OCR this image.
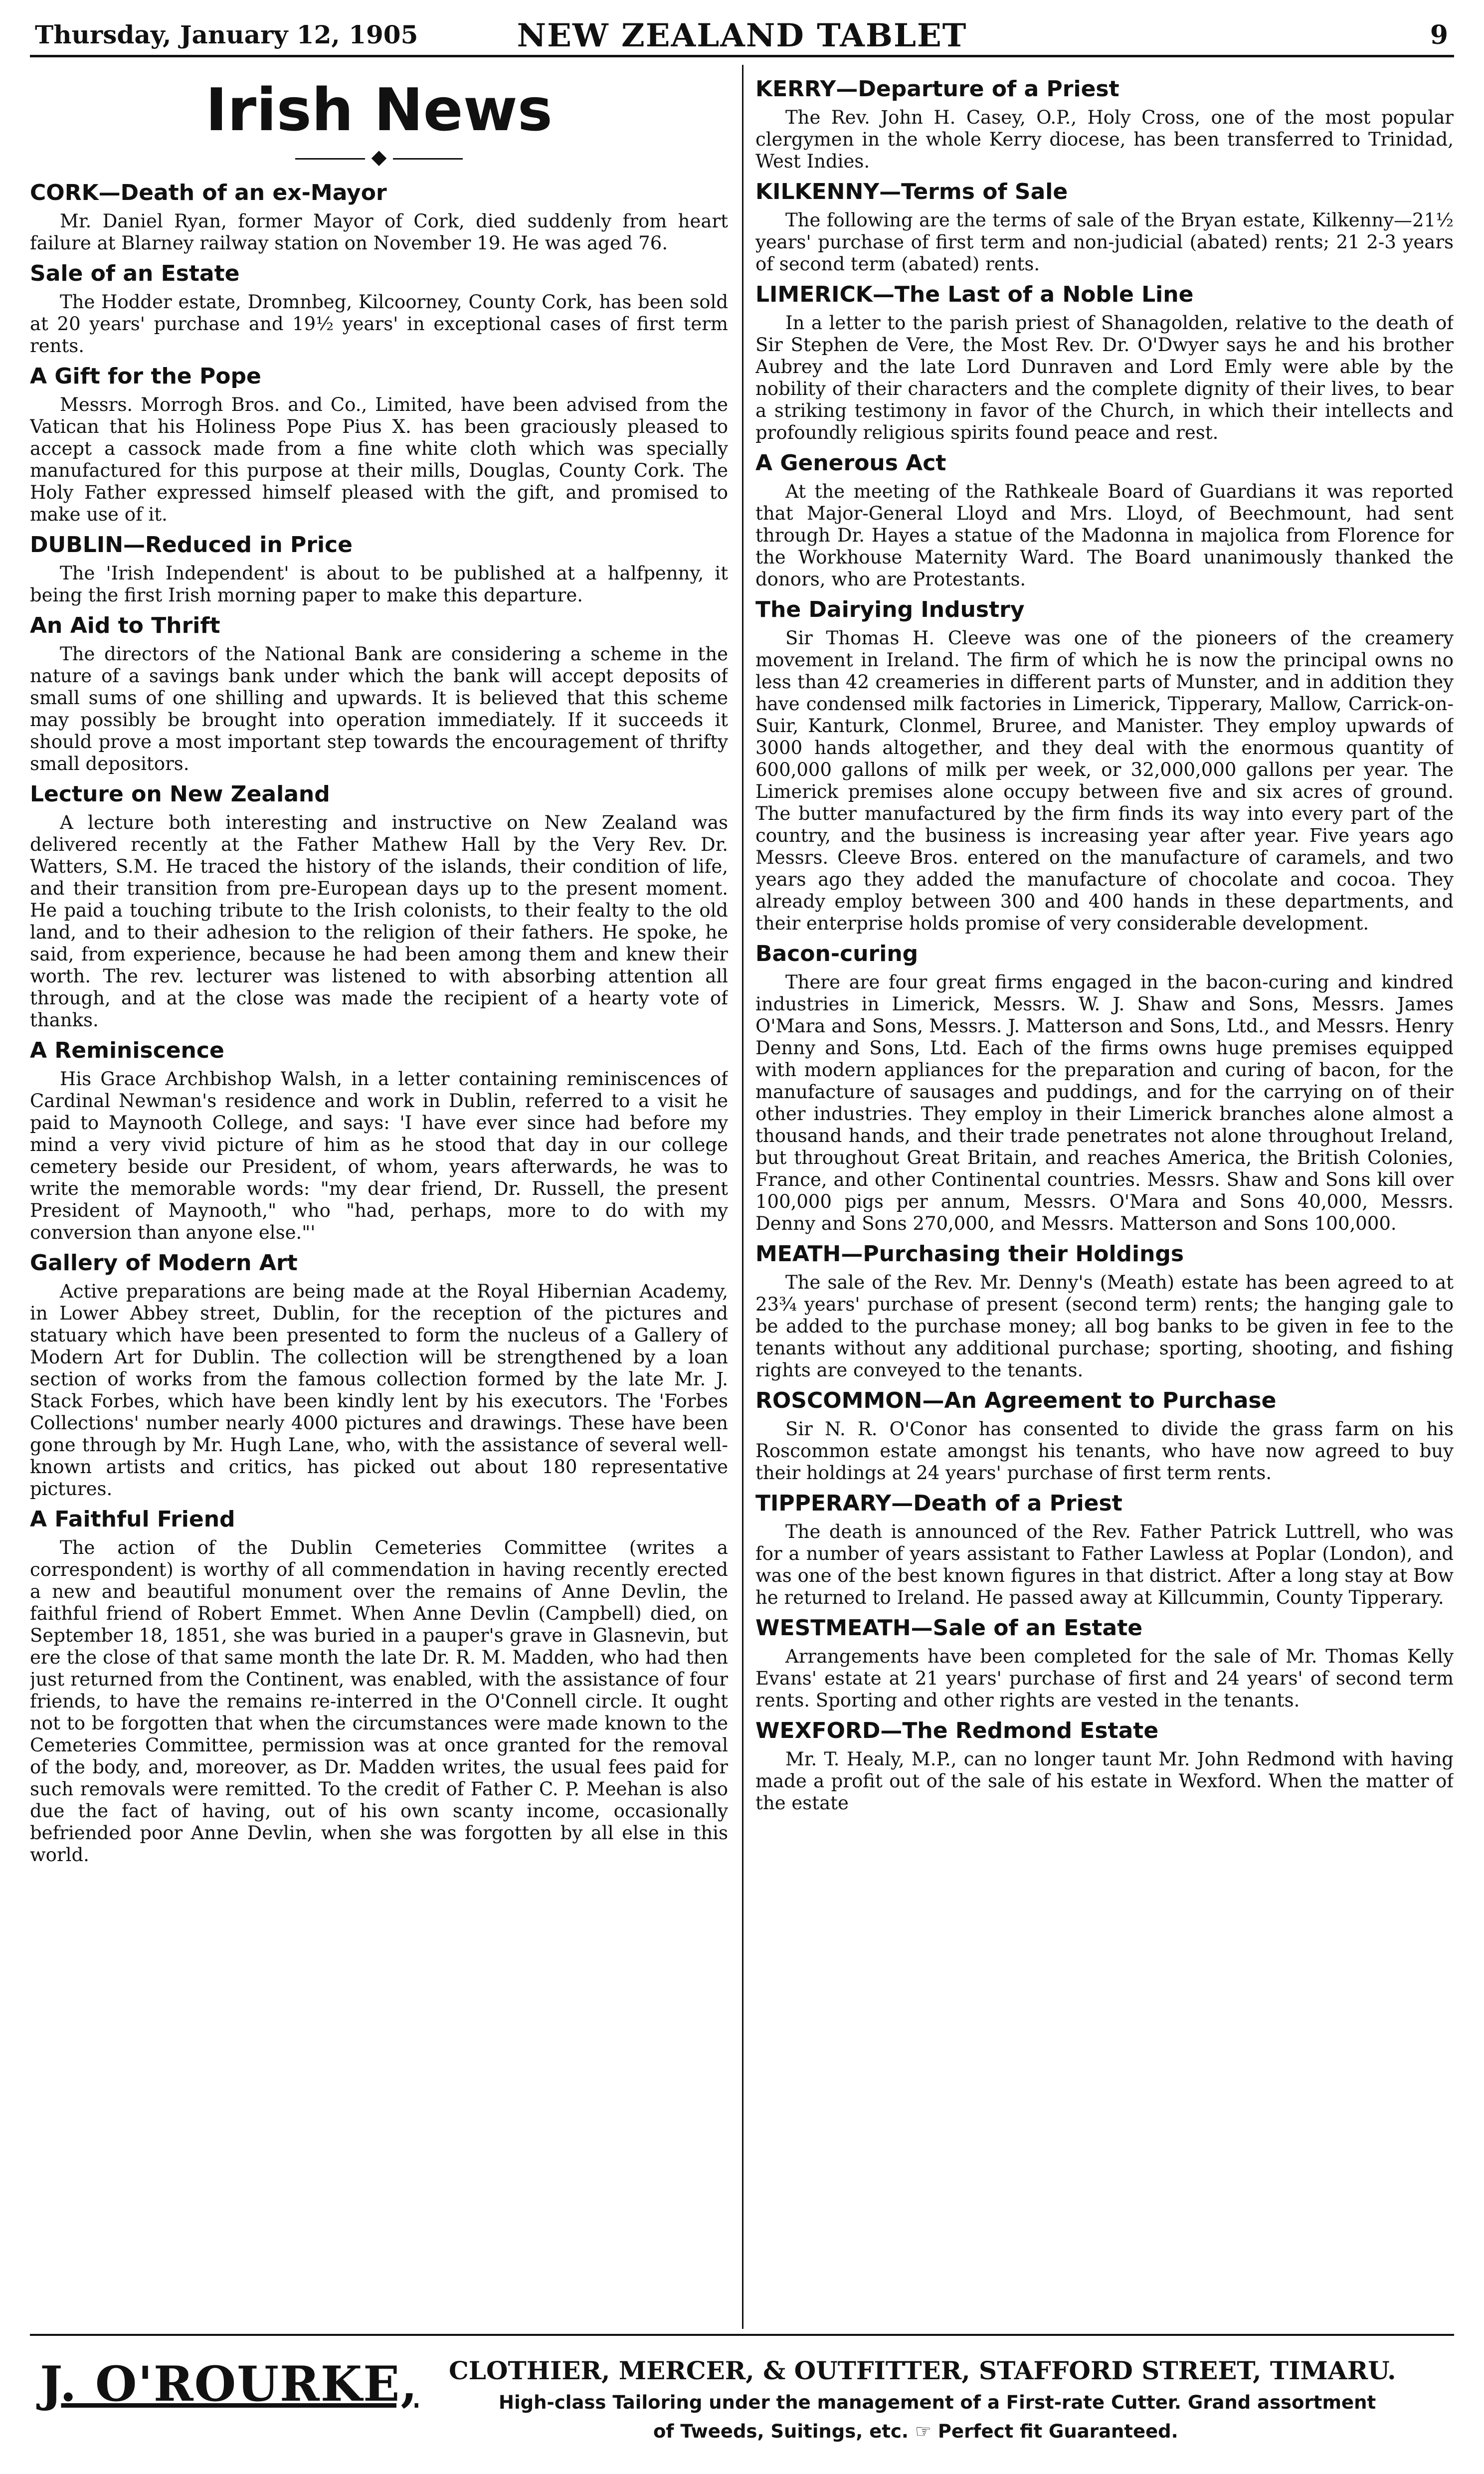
Thursday, January 12, 1905	NEW ZEALAND TABLET	9
Irish News
◆
CORK—Death of an ex-Mayor

Mr. Daniel Ryan, former Mayor of Cork, died suddenly from heart failure at Blarney railway station on November 19. He was aged 76.

Sale of an Estate

The Hodder estate, Dromnbeg, Kilcoorney, County Cork, has been sold at 20 years' purchase and 19½ years' in exceptional cases of first term rents.

A Gift for the Pope

Messrs. Morrogh Bros. and Co., Limited, have been advised from the Vatican that his Holiness Pope Pius X. has been graciously pleased to accept a cassock made from a fine white cloth which was specially manufactured for this purpose at their mills, Douglas, County Cork. The Holy Father expressed himself pleased with the gift, and promised to make use of it.

DUBLIN—Reduced in Price

The 'Irish Independent' is about to be published at a halfpenny, it being the first Irish morning paper to make this departure.

An Aid to Thrift

The directors of the National Bank are considering a scheme in the nature of a savings bank under which the bank will accept deposits of small sums of one shilling and upwards. It is believed that this scheme may possibly be brought into operation immediately. If it succeeds it should prove a most important step towards the encouragement of thrifty small depositors.

Lecture on New Zealand

A lecture both interesting and instructive on New Zealand was delivered recently at the Father Mathew Hall by the Very Rev. Dr. Watters, S.M. He traced the history of the islands, their condition of life, and their transition from pre-European days up to the present moment. He paid a touching tribute to the Irish colonists, to their fealty to the old land, and to their adhesion to the religion of their fathers. He spoke, he said, from experience, because he had been among them and knew their worth. The rev. lecturer was listened to with absorbing attention all through, and at the close was made the recipient of a hearty vote of thanks.

A Reminiscence

His Grace Archbishop Walsh, in a letter containing reminiscences of Cardinal Newman's residence and work in Dublin, referred to a visit he paid to Maynooth College, and says: 'I have ever since had before my mind a very vivid picture of him as he stood that day in our college cemetery beside our President, of whom, years afterwards, he was to write the memorable words: "my dear friend, Dr. Russell, the present President of Maynooth," who "had, perhaps, more to do with my conversion than anyone else."'

Gallery of Modern Art

Active preparations are being made at the Royal Hibernian Academy, in Lower Abbey street, Dublin, for the reception of the pictures and statuary which have been presented to form the nucleus of a Gallery of Modern Art for Dublin. The collection will be strengthened by a loan section of works from the famous collection formed by the late Mr. J. Stack Forbes, which have been kindly lent by his executors. The 'Forbes Collections' number nearly 4000 pictures and drawings. These have been gone through by Mr. Hugh Lane, who, with the assistance of several well-known artists and critics, has picked out about 180 representative pictures.

A Faithful Friend

The action of the Dublin Cemeteries Committee (writes a correspondent) is worthy of all commendation in having recently erected a new and beautiful monument over the remains of Anne Devlin, the faithful friend of Robert Emmet. When Anne Devlin (Campbell) died, on September 18, 1851, she was buried in a pauper's grave in Glasnevin, but ere the close of that same month the late Dr. R. M. Madden, who had then just returned from the Continent, was enabled, with the assistance of four friends, to have the remains re-interred in the O'Connell circle. It ought not to be forgotten that when the circumstances were made known to the Cemeteries Committee, permission was at once granted for the removal of the body, and, moreover, as Dr. Madden writes, the usual fees paid for such removals were remitted. To the credit of Father C. P. Meehan is also due the fact of having, out of his own scanty income, occasionally befriended poor Anne Devlin, when she was forgotten by all else in this world.

KERRY—Departure of a Priest

The Rev. John H. Casey, O.P., Holy Cross, one of the most popular clergymen in the whole Kerry diocese, has been transferred to Trinidad, West Indies.

KILKENNY—Terms of Sale

The following are the terms of sale of the Bryan estate, Kilkenny—21½ years' purchase of first term and non-judicial (abated) rents; 21 2-3 years of second term (abated) rents.

LIMERICK—The Last of a Noble Line

In a letter to the parish priest of Shanagolden, relative to the death of Sir Stephen de Vere, the Most Rev. Dr. O'Dwyer says he and his brother Aubrey and the late Lord Dunraven and Lord Emly were able by the nobility of their characters and the complete dignity of their lives, to bear a striking testimony in favor of the Church, in which their intellects and profoundly religious spirits found peace and rest.

A Generous Act

At the meeting of the Rathkeale Board of Guardians it was reported that Major-General Lloyd and Mrs. Lloyd, of Beechmount, had sent through Dr. Hayes a statue of the Madonna in majolica from Florence for the Workhouse Maternity Ward. The Board unanimously thanked the donors, who are Protestants.

The Dairying Industry

Sir Thomas H. Cleeve was one of the pioneers of the creamery movement in Ireland. The firm of which he is now the principal owns no less than 42 creameries in different parts of Munster, and in addition they have condensed milk factories in Limerick, Tipperary, Mallow, Carrick-on-Suir, Kanturk, Clonmel, Bruree, and Manister. They employ upwards of 3000 hands altogether, and they deal with the enormous quantity of 600,000 gallons of milk per week, or 32,000,000 gallons per year. The Limerick premises alone occupy between five and six acres of ground. The butter manufactured by the firm finds its way into every part of the country, and the business is increasing year after year. Five years ago Messrs. Cleeve Bros. entered on the manufacture of caramels, and two years ago they added the manufacture of chocolate and cocoa. They already employ between 300 and 400 hands in these departments, and their enterprise holds promise of very considerable development.

Bacon-curing

There are four great firms engaged in the bacon-curing and kindred industries in Limerick, Messrs. W. J. Shaw and Sons, Messrs. James O'Mara and Sons, Messrs. J. Matterson and Sons, Ltd., and Messrs. Henry Denny and Sons, Ltd. Each of the firms owns huge premises equipped with modern appliances for the preparation and curing of bacon, for the manufacture of sausages and puddings, and for the carrying on of their other industries. They employ in their Limerick branches alone almost a thousand hands, and their trade penetrates not alone throughout Ireland, but throughout Great Britain, and reaches America, the British Colonies, France, and other Continental countries. Messrs. Shaw and Sons kill over 100,000 pigs per annum, Messrs. O'Mara and Sons 40,000, Messrs. Denny and Sons 270,000, and Messrs. Matterson and Sons 100,000.

MEATH—Purchasing their Holdings

The sale of the Rev. Mr. Denny's (Meath) estate has been agreed to at 23¾ years' purchase of present (second term) rents; the hanging gale to be added to the purchase money; all bog banks to be given in fee to the tenants without any additional purchase; sporting, shooting, and fishing rights are conveyed to the tenants.

ROSCOMMON—An Agreement to Purchase

Sir N. R. O'Conor has consented to divide the grass farm on his Roscommon estate amongst his tenants, who have now agreed to buy their holdings at 24 years' purchase of first term rents.

TIPPERARY—Death of a Priest

The death is announced of the Rev. Father Patrick Luttrell, who was for a number of years assistant to Father Lawless at Poplar (London), and was one of the best known figures in that district. After a long stay at Bow he returned to Ireland. He passed away at Killcummin, County Tipperary.

WESTMEATH—Sale of an Estate

Arrangements have been completed for the sale of Mr. Thomas Kelly Evans' estate at 21 years' purchase of first and 24 years' of second term rents. Sporting and other rights are vested in the tenants.

WEXFORD—The Redmond Estate

Mr. T. Healy, M.P., can no longer taunt Mr. John Redmond with having made a profit out of the sale of his estate in Wexford. When the matter of the estate

J. O'ROURKE, CLOTHIER, MERCER, & OUTFITTER, STAFFORD STREET, TIMARU.
High-class Tailoring under the management of a First-rate Cutter. Grand assortment
of Tweeds, Suitings, etc. ☞ Perfect fit Guaranteed.
